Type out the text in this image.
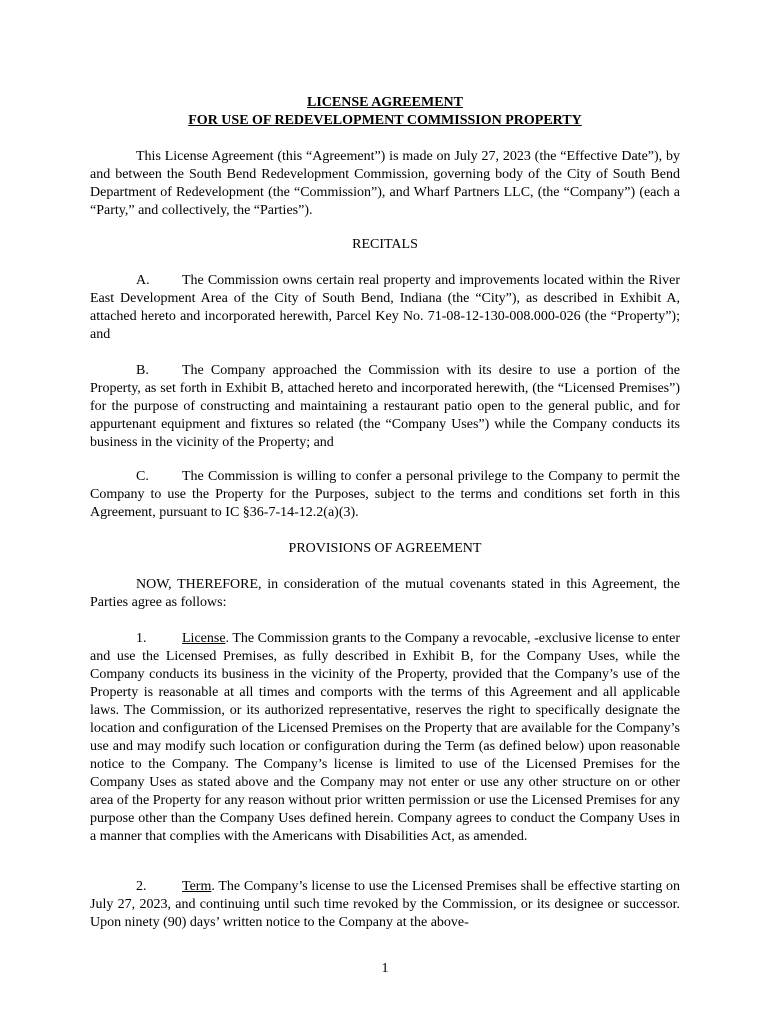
LICENSE AGREEMENT
FOR USE OF REDEVELOPMENT COMMISSION PROPERTY

This License Agreement (this “Agreement”) is made on July 27, 2023 (the “Effective Date”), by and between the South Bend Redevelopment Commission, governing body of the City of South Bend Department of Redevelopment (the “Commission”), and Wharf Partners LLC, (the “Company”) (each a “Party,” and collectively, the “Parties”).

RECITALS

A. The Commission owns certain real property and improvements located within the River East Development Area of the City of South Bend, Indiana (the “City”), as described in Exhibit A, attached hereto and incorporated herewith, Parcel Key No. 71-08-12-130-008.000-026 (the “Property”); and

B. The Company approached the Commission with its desire to use a portion of the Property, as set forth in Exhibit B, attached hereto and incorporated herewith, (the “Licensed Premises”) for the purpose of constructing and maintaining a restaurant patio open to the general public, and for appurtenant equipment and fixtures so related (the “Company Uses”) while the Company conducts its business in the vicinity of the Property; and

C. The Commission is willing to confer a personal privilege to the Company to permit the Company to use the Property for the Purposes, subject to the terms and conditions set forth in this Agreement, pursuant to IC §36-7-14-12.2(a)(3).

PROVISIONS OF AGREEMENT

NOW, THEREFORE, in consideration of the mutual covenants stated in this Agreement, the Parties agree as follows:

1.	License. The Commission grants to the Company a revocable, -exclusive license to enter and use the Licensed Premises, as fully described in Exhibit B, for the Company Uses, while the Company conducts its business in the vicinity of the Property, provided that the Company’s use of the Property is reasonable at all times and comports with the terms of this Agreement and all applicable laws. The Commission, or its authorized representative, reserves the right to specifically designate the location and configuration of the Licensed Premises on the Property that are available for the Company’s use and may modify such location or configuration during the Term (as defined below) upon reasonable notice to the Company. The Company’s license is limited to use of the Licensed Premises for the Company Uses as stated above and the Company may not enter or use any other structure on or other area of the Property for any reason without prior written permission or use the Licensed Premises for any purpose other than the Company Uses defined herein. Company agrees to conduct the Company Uses in a manner that complies with the Americans with Disabilities Act, as amended.

2.	Term. The Company’s license to use the Licensed Premises shall be effective starting on July 27, 2023, and continuing until such time revoked by the Commission, or its designee or successor. Upon ninety (90) days’ written notice to the Company at the above-

1
